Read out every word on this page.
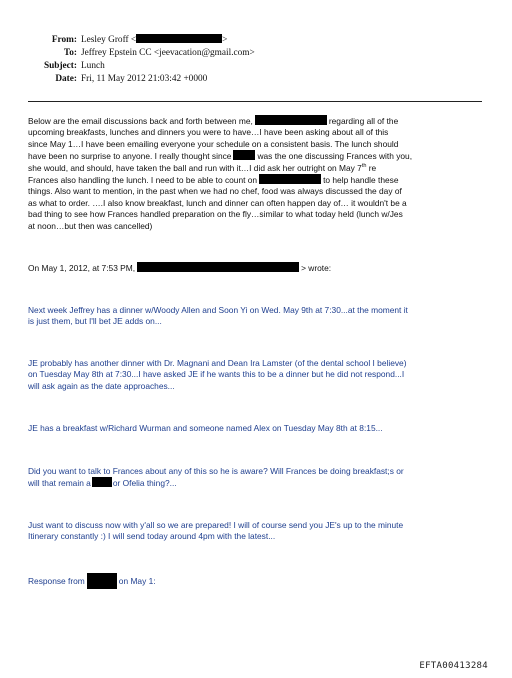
From: Lesley Groff <	>
To: Jeffrey Epstein CC <jeevacation@gmail.com>
Subject: Lunch
Date: Fri, 11 May 2012 21:03:42 +0000
Below are the email discussions back and forth between me,	regarding all of the
upcoming breakfasts, lunches and dinners you were to have…I have been asking about all of this
since May 1…I have been emailing everyone your schedule on a consistent basis. The lunch should
have been no surprise to anyone. I really thought since	was the one discussing Frances with you,
she would, and should, have taken the ball and run with it…I did ask her outright on May 7th re
Frances also handling the lunch. I need to be able to count on	to help handle these
things. Also want to mention, in the past when we had no chef, food was always discussed the day of
as what to order. ….I also know breakfast, lunch and dinner can often happen day of… it wouldn't be a
bad thing to see how Frances handled preparation on the fly…similar to what today held (lunch w/Jes
at noon…but then was cancelled)
On May 1, 2012, at 7:53 PM,	> wrote:
Next week Jeffrey has a dinner w/Woody Allen and Soon Yi on Wed. May 9th at 7:30...at the moment it
is just them, but I'll bet JE adds on...
JE probably has another dinner with Dr. Magnani and Dean Ira Lamster (of the dental school I believe)
on Tuesday May 8th at 7:30...I have asked JE if he wants this to be a dinner but he did not respond...I
will ask again as the date approaches...
JE has a breakfast w/Richard Wurman and someone named Alex on Tuesday May 8th at 8:15...
Did you want to talk to Frances about any of this so he is aware? Will Frances be doing breakfast;s or
will that remain a	or Ofelia thing?...
Just want to discuss now with y'all so we are prepared! I will of course send you JE's up to the minute
Itinerary constantly :) I will send today around 4pm with the latest...
Response from	on May 1:
EFTA00413284
